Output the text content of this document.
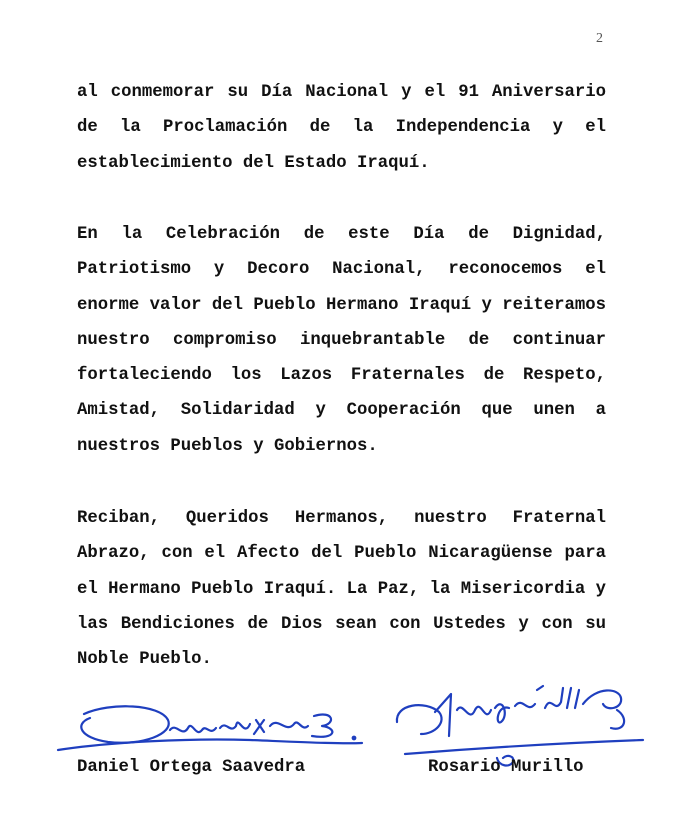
2

al conmemorar su Día Nacional y el 91 Aniversario de la Proclamación de la Independencia y el establecimiento del Estado Iraquí.

En la Celebración de este Día de Dignidad, Patriotismo y Decoro Nacional, reconocemos el enorme valor del Pueblo Hermano Iraquí y reiteramos nuestro compromiso inquebrantable de continuar fortaleciendo los Lazos Fraternales de Respeto, Amistad, Solidaridad y Cooperación que unen a nuestros Pueblos y Gobiernos.

Reciban, Queridos Hermanos, nuestro Fraternal Abrazo, con el Afecto del Pueblo Nicaragüense para el Hermano Pueblo Iraquí. La Paz, la Misericordia y las Bendiciones de Dios sean con Ustedes y con su Noble Pueblo.

Daniel Ortega Saavedra	Rosario Murillo
